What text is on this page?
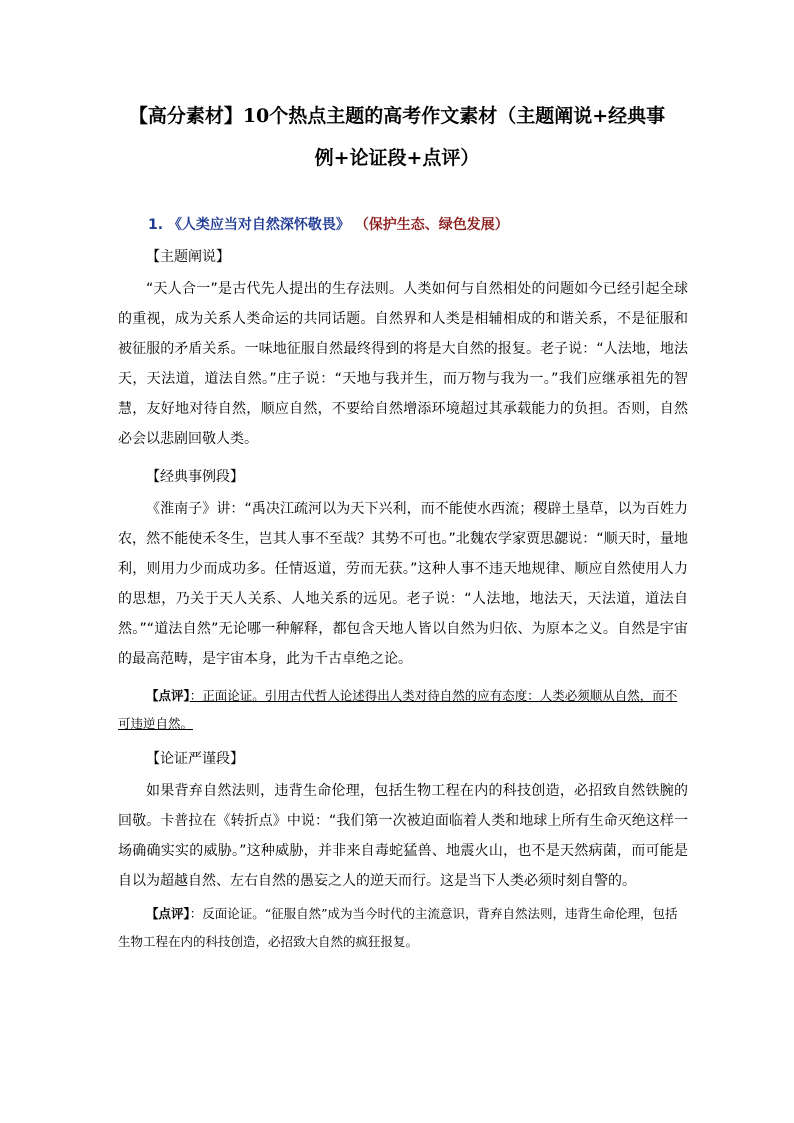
【高分素材】10个热点主题的高考作文素材（主题阐说+经典事
例+论证段+点评）
1. 《人类应当对自然深怀敬畏》 （保护生态、绿色发展）
【主题阐说】

“天人合一”是古代先人提出的生存法则。人类如何与自然相处的问题如今已经引起全球的重视，成为关系人类命运的共同话题。自然界和人类是相辅相成的和谐关系，不是征服和被征服的矛盾关系。一味地征服自然最终得到的将是大自然的报复。老子说：“人法地，地法天，天法道，道法自然。”庄子说：“天地与我并生，而万物与我为一。”我们应继承祖先的智慧，友好地对待自然，顺应自然，不要给自然增添环境超过其承载能力的负担。否则，自然必会以悲剧回敬人类。

【经典事例段】

《淮南子》讲：“禹决江疏河以为天下兴利，而不能使水西流；稷辟土垦草，以为百姓力农，然不能使禾冬生，岂其人事不至哉？其势不可也。”北魏农学家贾思勰说：“顺天时，量地利，则用力少而成功多。任情返道，劳而无获。”这种人事不违天地规律、顺应自然使用人力的思想，乃关于天人关系、人地关系的远见。老子说：“人法地，地法天，天法道，道法自然。”“道法自然”无论哪一种解释，都包含天地人皆以自然为归依、为原本之义。自然是宇宙的最高范畴，是宇宙本身，此为千古卓绝之论。

【点评】：正面论证。引用古代哲人论述得出人类对待自然的应有态度：人类必须顺从自然，而不可违逆自然。

【论证严谨段】

如果背弃自然法则，违背生命伦理，包括生物工程在内的科技创造，必招致自然铁腕的回敬。卡普拉在《转折点》中说：“我们第一次被迫面临着人类和地球上所有生命灭绝这样一场确确实实的威胁。”这种威胁，并非来自毒蛇猛兽、地震火山，也不是天然病菌，而可能是自以为超越自然、左右自然的愚妄之人的逆天而行。这是当下人类必须时刻自警的。

【点评】：反面论证。“征服自然”成为当今时代的主流意识，背弃自然法则，违背生命伦理，包括生物工程在内的科技创造，必招致大自然的疯狂报复。
